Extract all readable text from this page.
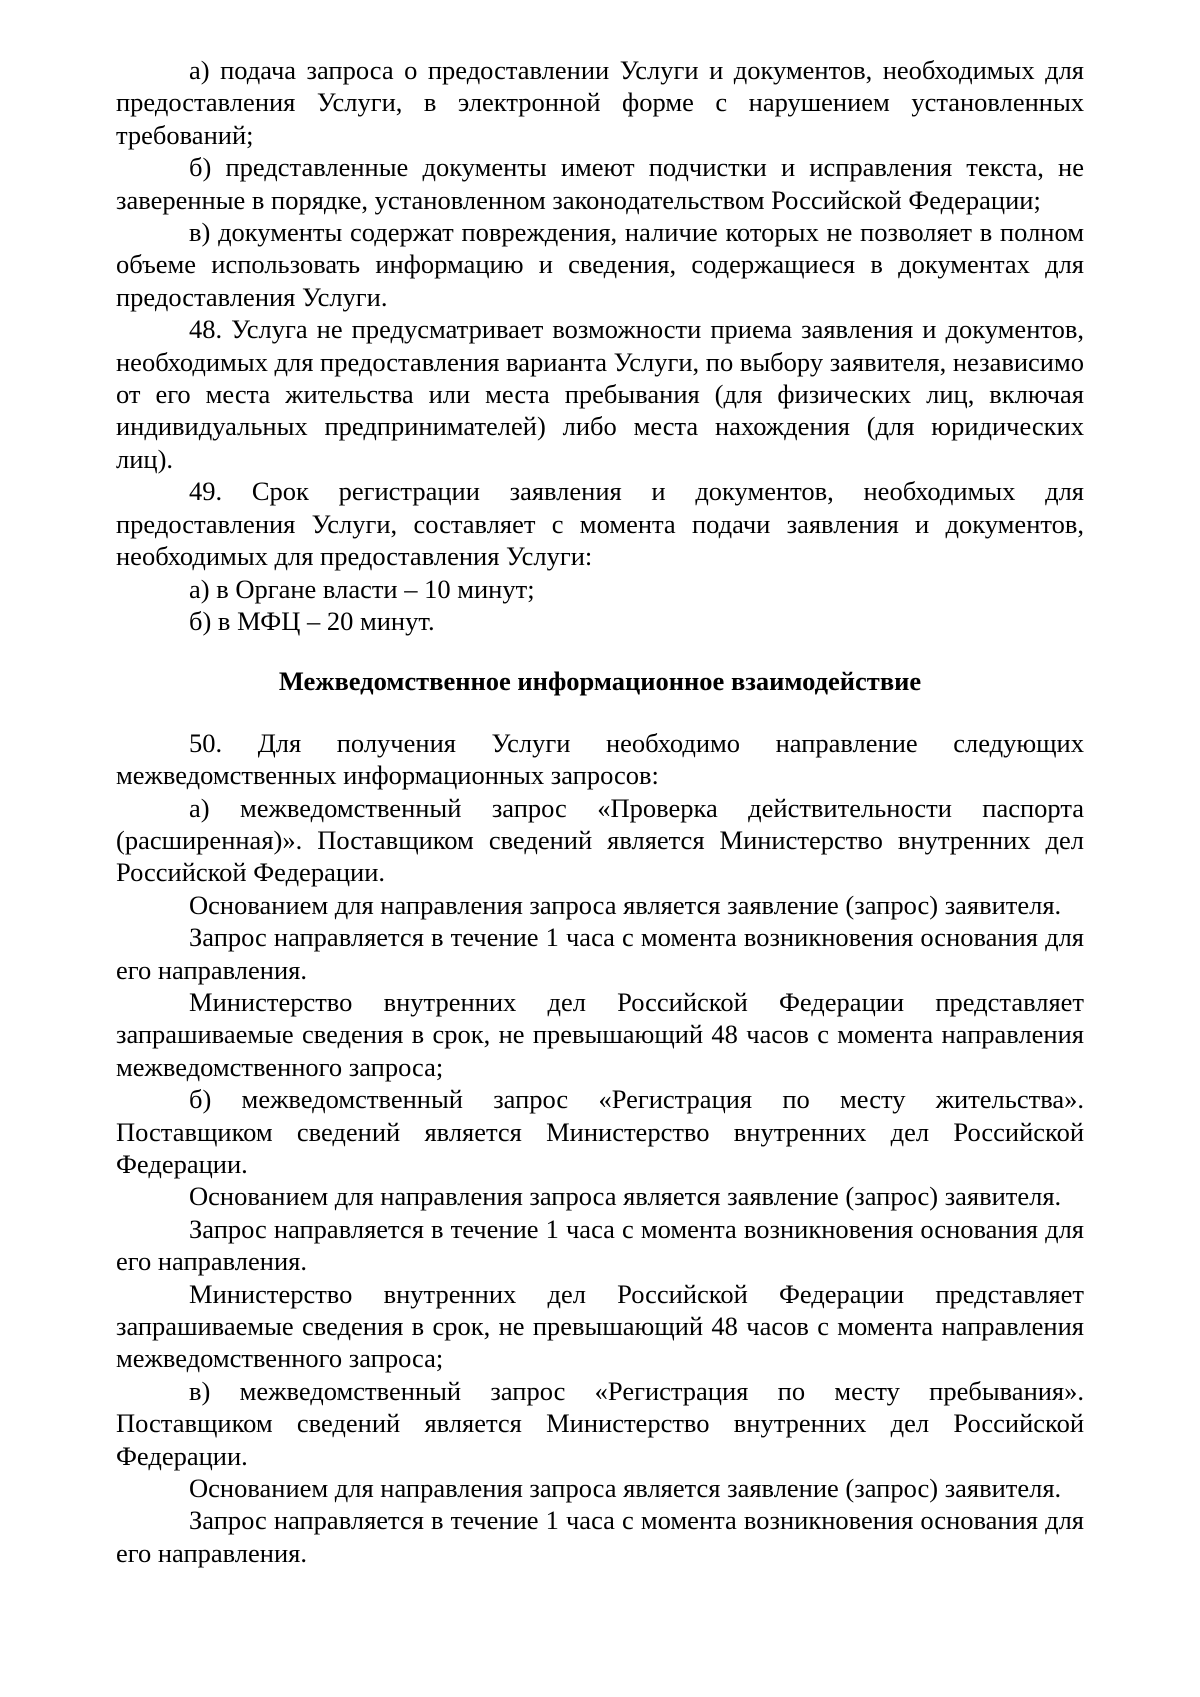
а) подача запроса о предоставлении Услуги и документов, необходимых для предоставления Услуги, в электронной форме с нарушением установленных требований;

б) представленные документы имеют подчистки и исправления текста, не заверенные в порядке, установленном законодательством Российской Федерации;

в) документы содержат повреждения, наличие которых не позволяет в полном объеме использовать информацию и сведения, содержащиеся в документах для предоставления Услуги.

48. Услуга не предусматривает возможности приема заявления и документов, необходимых для предоставления варианта Услуги, по выбору заявителя, независимо от его места жительства или места пребывания (для физических лиц, включая индивидуальных предпринимателей) либо места нахождения (для юридических лиц).

49. Срок регистрации заявления и документов, необходимых для предоставления Услуги, составляет с момента подачи заявления и документов, необходимых для предоставления Услуги:

а) в Органе власти – 10 минут;

б) в МФЦ – 20 минут.

Межведомственное информационное взаимодействие

50. Для получения Услуги необходимо направление следующих межведомственных информационных запросов:

а) межведомственный запрос «Проверка действительности паспорта (расширенная)». Поставщиком сведений является Министерство внутренних дел Российской Федерации.

Основанием для направления запроса является заявление (запрос) заявителя.

Запрос направляется в течение 1 часа с момента возникновения основания для его направления.

Министерство внутренних дел Российской Федерации представляет запрашиваемые сведения в срок, не превышающий 48 часов с момента направления межведомственного запроса;

б) межведомственный запрос «Регистрация по месту жительства». Поставщиком сведений является Министерство внутренних дел Российской Федерации.

Основанием для направления запроса является заявление (запрос) заявителя.

Запрос направляется в течение 1 часа с момента возникновения основания для его направления.

Министерство внутренних дел Российской Федерации представляет запрашиваемые сведения в срок, не превышающий 48 часов с момента направления межведомственного запроса;

в) межведомственный запрос «Регистрация по месту пребывания». Поставщиком сведений является Министерство внутренних дел Российской Федерации.

Основанием для направления запроса является заявление (запрос) заявителя.

Запрос направляется в течение 1 часа с момента возникновения основания для его направления.
